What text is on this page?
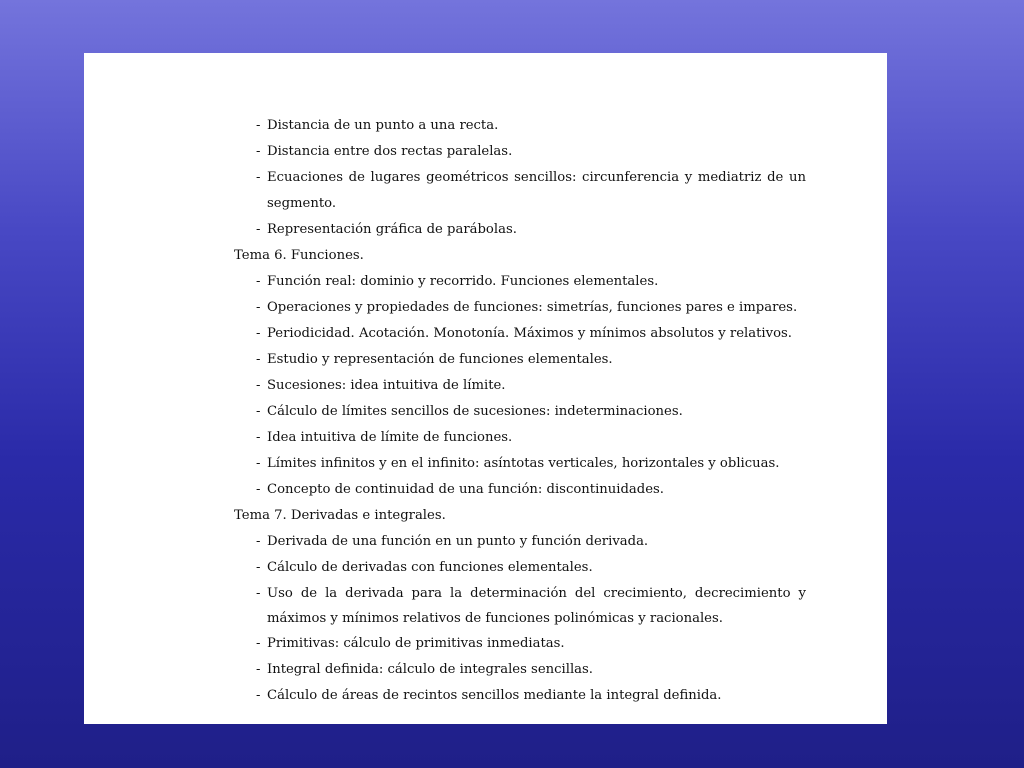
- Distancia de un punto a una recta.
- Distancia entre dos rectas paralelas.
- Ecuaciones de lugares geométricos sencillos: circunferencia y mediatriz de un segmento.
- Representación gráfica de parábolas.
Tema 6. Funciones.
- Función real: dominio y recorrido. Funciones elementales.
- Operaciones y propiedades de funciones: simetrías, funciones pares e impares.
- Periodicidad. Acotación. Monotonía. Máximos y mínimos absolutos y relativos.
- Estudio y representación de funciones elementales.
- Sucesiones: idea intuitiva de límite.
- Cálculo de límites sencillos de sucesiones: indeterminaciones.
- Idea intuitiva de límite de funciones.
- Límites infinitos y en el infinito: asíntotas verticales, horizontales y oblicuas.
- Concepto de continuidad de una función: discontinuidades.
Tema 7. Derivadas e integrales.
- Derivada de una función en un punto y función derivada.
- Cálculo de derivadas con funciones elementales.
- Uso de la derivada para la determinación del crecimiento, decrecimiento y máximos y mínimos relativos de funciones polinómicas y racionales.
- Primitivas: cálculo de primitivas inmediatas.
- Integral definida: cálculo de integrales sencillas.
- Cálculo de áreas de recintos sencillos mediante la integral definida.
